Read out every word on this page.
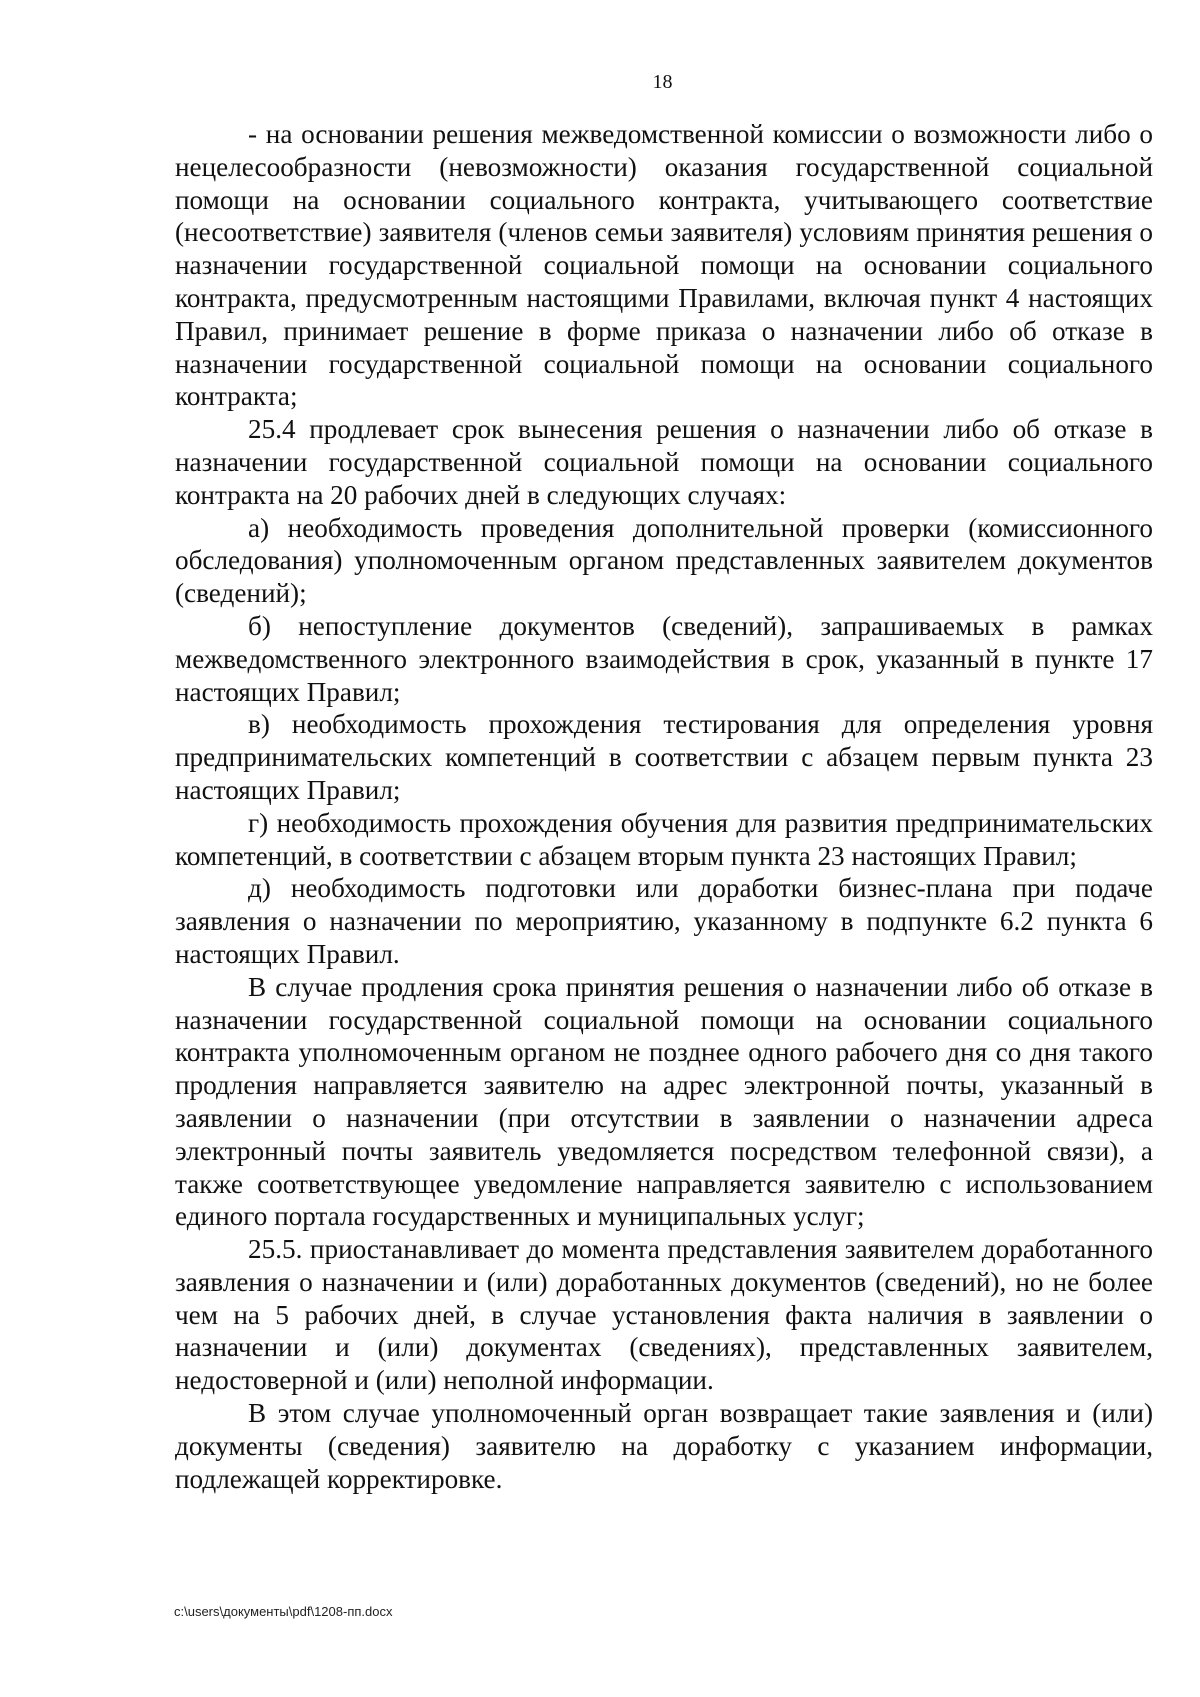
18

- на основании решения межведомственной комиссии о возможности либо о нецелесообразности (невозможности) оказания государственной социальной помощи на основании социального контракта, учитывающего соответствие (несоответствие) заявителя (членов семьи заявителя) условиям принятия решения о назначении государственной социальной помощи на основании социального контракта, предусмотренным настоящими Правилами, включая пункт 4 настоящих Правил, принимает решение в форме приказа о назначении либо об отказе в назначении государственной социальной помощи на основании социального контракта;

25.4 продлевает срок вынесения решения о назначении либо об отказе в назначении государственной социальной помощи на основании социального контракта на 20 рабочих дней в следующих случаях:

а) необходимость проведения дополнительной проверки (комиссионного обследования) уполномоченным органом представленных заявителем документов (сведений);

б) непоступление документов (сведений), запрашиваемых в рамках межведомственного электронного взаимодействия в срок, указанный в пункте 17 настоящих Правил;

в) необходимость прохождения тестирования для определения уровня предпринимательских компетенций в соответствии с абзацем первым пункта 23 настоящих Правил;

г) необходимость прохождения обучения для развития предпринимательских компетенций, в соответствии с абзацем вторым пункта 23 настоящих Правил;

д) необходимость подготовки или доработки бизнес-плана при подаче заявления о назначении по мероприятию, указанному в подпункте 6.2 пункта 6 настоящих Правил.

В случае продления срока принятия решения о назначении либо об отказе в назначении государственной социальной помощи на основании социального контракта уполномоченным органом не позднее одного рабочего дня со дня такого продления направляется заявителю на адрес электронной почты, указанный в заявлении о назначении (при отсутствии в заявлении о назначении адреса электронный почты заявитель уведомляется посредством телефонной связи), а также соответствующее уведомление направляется заявителю с использованием единого портала государственных и муниципальных услуг;

25.5. приостанавливает до момента представления заявителем доработанного заявления о назначении и (или) доработанных документов (сведений), но не более чем на 5 рабочих дней, в случае установления факта наличия в заявлении о назначении и (или) документах (сведениях), представленных заявителем, недостоверной и (или) неполной информации.

В этом случае уполномоченный орган возвращает такие заявления и (или) документы (сведения) заявителю на доработку с указанием информации, подлежащей корректировке.

c:\users\документы\pdf\1208-пп.docx
